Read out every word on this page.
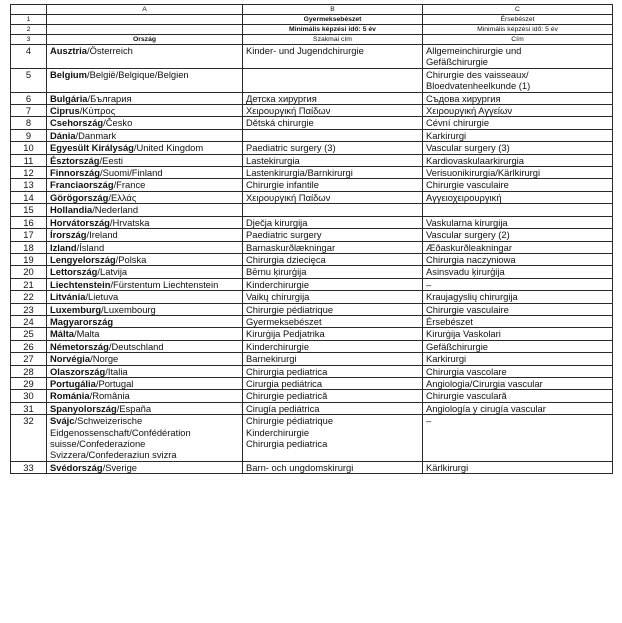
	A	B	C
1		Gyermeksebészet	Érsebészet
2		Minimális képzési idő: 5 év	Minimális képzési idő: 5 év
3	Ország	Szakmai cím	Cím
4	Ausztria/Österreich	Kinder- und Jugendchirurgie	Allgemeinchirurgie und
Gefäßchirurgie
5	Belgium/België/Belgique/Belgien		Chirurgie des vaisseaux/
Bloedvatenheelkunde (1)
6	Bulgária/България	Детска хирургия	Съдова хирургия
7	Ciprus/Κύπρος	Χειρουργική Παίδων	Χειρουργική Αγγείων
8	Csehország/Česko	Dětská chirurgie	Cévní chirurgie
9	Dánia/Danmark		Karkirurgi
10	Egyesült Királyság/United Kingdom	Paediatric surgery (3)	Vascular surgery (3)
11	Észtország/Eesti	Lastekirurgia	Kardiovaskulaarkirurgia
12	Finnország/Suomi/Finland	Lastenkirurgia/Barnkirurgi	Verisuonikirurgia/Kärlkirurgi
13	Franciaország/France	Chirurgie infantile	Chirurgie vasculaire
14	Görögország/Ελλάς	Χειρουργική Παίδων	Αγγειοχειρουργική
15	Hollandia/Nederland		
16	Horvátország/Hrvatska	Dječja kirurgija	Vaskularna kirurgija
17	Írország/Ireland	Paediatric surgery	Vascular surgery (2)
18	Izland/Ísland	Barnaskurðlækningar	Æðaskurðleakningar
19	Lengyelország/Polska	Chirurgia dziecięca	Chirurgia naczyniowa
20	Lettország/Latvija	Bērnu ķirurģija	Asinsvadu ķirurģija
21	Liechtenstein/Fürstentum Liechtenstein	Kinderchirurgie	–
22	Litvánia/Lietuva	Vaikų chirurgija	Kraujagyslių chirurgija
23	Luxemburg/Luxembourg	Chirurgie pédiatrique	Chirurgie vasculaire
24	Magyarország	Gyermeksebészet	Érsebészet
25	Málta/Malta	Kirurġija Pedjatrika	Kirurġija Vaskolari
26	Németország/Deutschland	Kinderchirurgie	Gefäßchirurgie
27	Norvégia/Norge	Barnekirurgi	Karkirurgi
28	Olaszország/Italia	Chirurgia pediatrica	Chirurgia vascolare
29	Portugália/Portugal	Cirurgia pediátrica	Angiologia/Cirurgia vascular
30	Románia/România	Chirurgie pediatrică	Chirurgie vasculară
31	Spanyolország/España	Cirugía pediátrica	Angiología y cirugía vascular
32	Svájc/Schweizerische Eidgenossenschaft/Confédération suisse/Confederazione Svizzera/Confederaziun svizra	Chirurgie pédiatrique
Kinderchirurgie
Chirurgia pediatrica	–
33	Svédország/Sverige	Barn- och ungdomskirurgi	Kärlkirurgi
